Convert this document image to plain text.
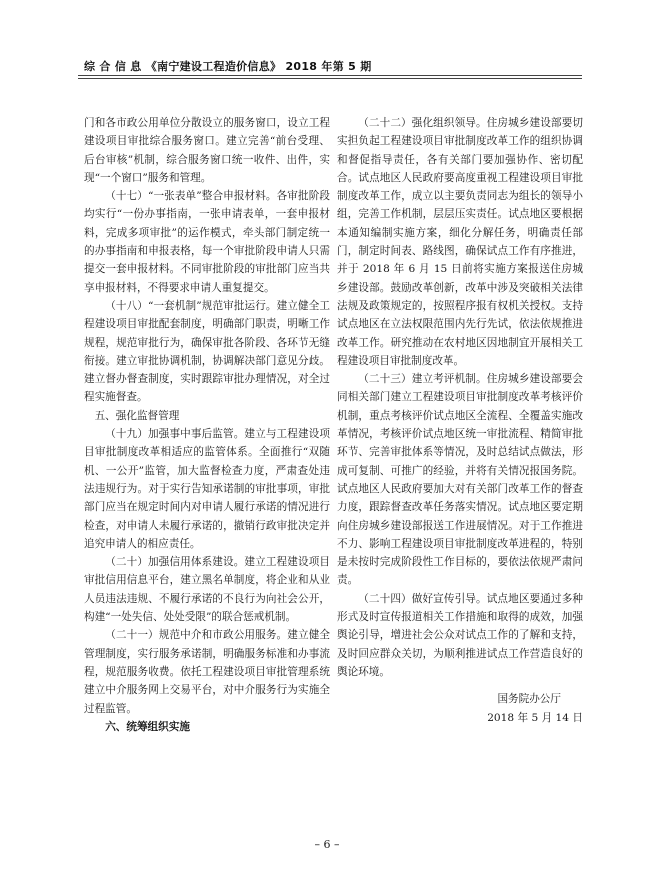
综 合 信 息 《南宁建设工程造价信息》 2018 年第 5 期

门和各市政公用单位分散设立的服务窗口，设立工程建设项目审批综合服务窗口。建立完善“前台受理、后台审核”机制，综合服务窗口统一收件、出件，实现“一个窗口”服务和管理。

（十七）“一张表单”整合申报材料。各审批阶段均实行“一份办事指南，一张申请表单，一套申报材料，完成多项审批”的运作模式，牵头部门制定统一的办事指南和申报表格，每一个审批阶段申请人只需提交一套申报材料。不同审批阶段的审批部门应当共享申报材料，不得要求申请人重复提交。

（十八）“一套机制”规范审批运行。建立健全工程建设项目审批配套制度，明确部门职责，明晰工作规程，规范审批行为，确保审批各阶段、各环节无缝衔接。建立审批协调机制，协调解决部门意见分歧。建立督办督查制度，实时跟踪审批办理情况，对全过程实施督查。

五、强化监督管理

（十九）加强事中事后监管。建立与工程建设项目审批制度改革相适应的监管体系。全面推行“双随机、一公开”监管，加大监督检查力度，严肃查处违法违规行为。对于实行告知承诺制的审批事项，审批部门应当在规定时间内对申请人履行承诺的情况进行检查，对申请人未履行承诺的，撤销行政审批决定并追究申请人的相应责任。

（二十）加强信用体系建设。建立工程建设项目审批信用信息平台，建立黑名单制度，将企业和从业人员违法违规、不履行承诺的不良行为向社会公开，构建“一处失信、处处受限”的联合惩戒机制。

（二十一）规范中介和市政公用服务。建立健全管理制度，实行服务承诺制，明确服务标准和办事流程，规范服务收费。依托工程建设项目审批管理系统建立中介服务网上交易平台，对中介服务行为实施全过程监管。

六、统筹组织实施

（二十二）强化组织领导。住房城乡建设部要切实担负起工程建设项目审批制度改革工作的组织协调和督促指导责任，各有关部门要加强协作、密切配合。试点地区人民政府要高度重视工程建设项目审批制度改革工作，成立以主要负责同志为组长的领导小组，完善工作机制，层层压实责任。试点地区要根据本通知编制实施方案，细化分解任务，明确责任部门，制定时间表、路线图，确保试点工作有序推进，并于 2018 年 6 月 15 日前将实施方案报送住房城乡建设部。鼓励改革创新，改革中涉及突破相关法律法规及政策规定的，按照程序报有权机关授权。支持试点地区在立法权限范围内先行先试，依法依规推进改革工作。研究推动在农村地区因地制宜开展相关工程建设项目审批制度改革。

（二十三）建立考评机制。住房城乡建设部要会同相关部门建立工程建设项目审批制度改革考核评价机制，重点考核评价试点地区全流程、全覆盖实施改革情况，考核评价试点地区统一审批流程、精简审批环节、完善审批体系等情况，及时总结试点做法，形成可复制、可推广的经验，并将有关情况报国务院。试点地区人民政府要加大对有关部门改革工作的督查力度，跟踪督查改革任务落实情况。试点地区要定期向住房城乡建设部报送工作进展情况。对于工作推进不力、影响工程建设项目审批制度改革进程的，特别是未按时完成阶段性工作目标的，要依法依规严肃问责。

（二十四）做好宣传引导。试点地区要通过多种形式及时宣传报道相关工作措施和取得的成效，加强舆论引导，增进社会公众对试点工作的了解和支持，及时回应群众关切，为顺利推进试点工作营造良好的舆论环境。

国务院办公厅

2018 年 5 月 14 日

– 6 –
